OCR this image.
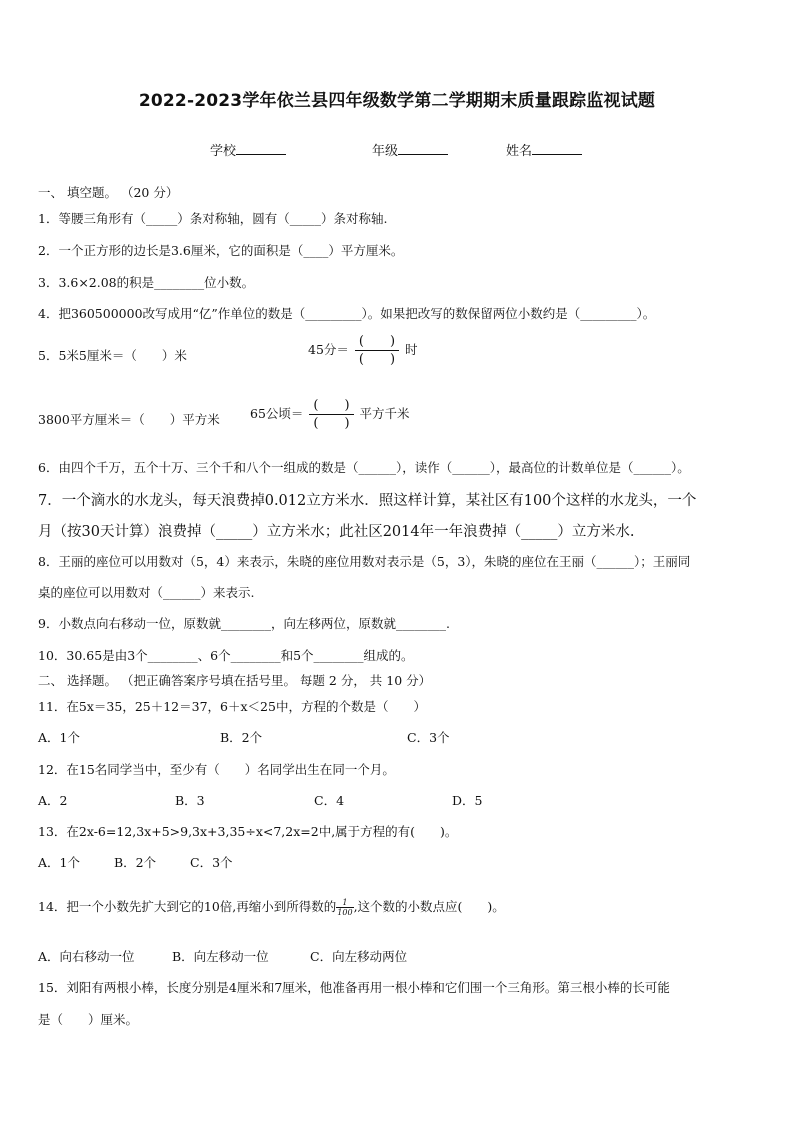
2022-2023学年依兰县四年级数学第二学期期末质量跟踪监视试题
学校	年级	姓名
一、 填空题。 （20 分）
1．等腰三角形有（_____）条对称轴，圆有（_____）条对称轴.
2．一个正方形的边长是3.6厘米，它的面积是（____）平方厘米。
3．3.6×2.08的积是________位小数。
4．把360500000改写成用“亿”作单位的数是（_________）。如果把改写的数保留两位小数约是（_________）。
5．5米5厘米＝（　　）米	45分＝ $\frac{( )}{( )}$ 时
3800平方厘米＝（　　）平方米 65公顷＝ $\frac{( )}{( )}$ 平方千米
6．由四个千万，五个十万、三个千和八个一组成的数是（______），读作（______），最高位的计数单位是（______）。
7．一个滴水的水龙头，每天浪费掉0.012立方米水．照这样计算，某社区有100个这样的水龙头，一个
月（按30天计算）浪费掉（_____）立方米水；此社区2014年一年浪费掉（_____）立方米水.
8．王丽的座位可以用数对（5，4）来表示，朱晓的座位用数对表示是（5，3），朱晓的座位在王丽（______）；王丽同
桌的座位可以用数对（______）来表示.
9．小数点向右移动一位，原数就________，向左移两位，原数就________.
10．30.65是由3个________、6个________和5个________组成的。
二、 选择题。 （把正确答案序号填在括号里。 每题 2 分， 共 10 分）
11．在5x＝35，25＋12＝37，6＋x＜25中，方程的个数是（　　）
A．1个	B．2个	C．3个
12．在15名同学当中，至少有（　　）名同学出生在同一个月。
A．2	B．3	C．4	D．5
13．在2x-6=12,3x+5>9,3x+3,35÷x<7,2x=2中,属于方程的有(　　)。
A．1个	B．2个	C．3个
14．把一个小数先扩大到它的10倍,再缩小到所得数的 $\frac{1}{100}$ ,这个数的小数点应(　　)。
A．向右移动一位	B．向左移动一位	C．向左移动两位
15．刘阳有两根小棒，长度分别是4厘米和7厘米，他准备再用一根小棒和它们围一个三角形。第三根小棒的长可能
是（　　）厘米。
